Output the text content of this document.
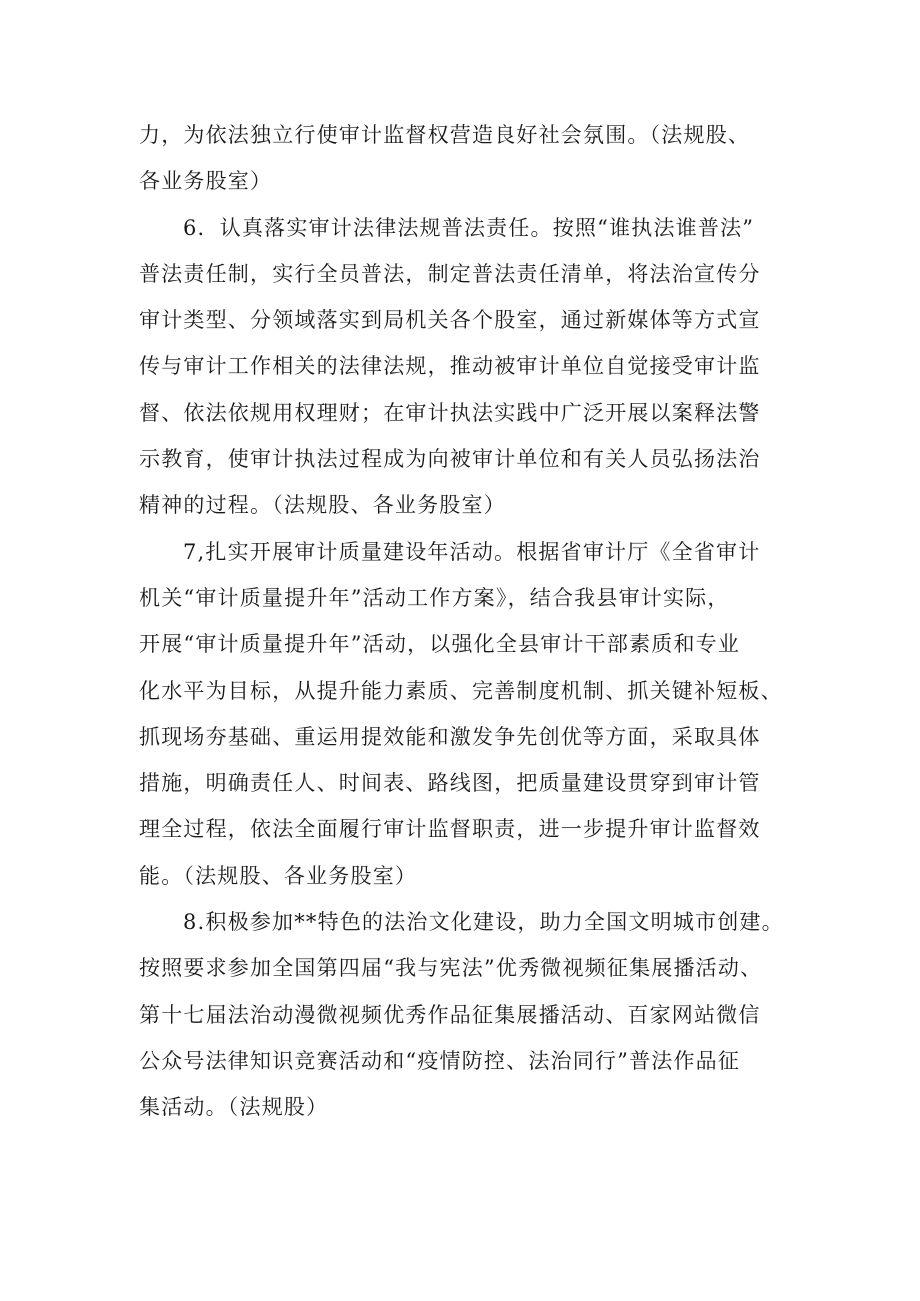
力，为依法独立行使审计监督权营造良好社会氛围。（法规股、
各业务股室）
6．认真落实审计法律法规普法责任。按照“谁执法谁普法”
普法责任制，实行全员普法，制定普法责任清单，将法治宣传分
审计类型、分领域落实到局机关各个股室，通过新媒体等方式宣
传与审计工作相关的法律法规，推动被审计单位自觉接受审计监
督、依法依规用权理财；在审计执法实践中广泛开展以案释法警
示教育，使审计执法过程成为向被审计单位和有关人员弘扬法治
精神的过程。（法规股、各业务股室）
7,扎实开展审计质量建设年活动。根据省审计厅《全省审计
机关“审计质量提升年”活动工作方案》，结合我县审计实际，
开展“审计质量提升年”活动，以强化全县审计干部素质和专业
化水平为目标，从提升能力素质、完善制度机制、抓关键补短板、
抓现场夯基础、重运用提效能和激发争先创优等方面，采取具体
措施，明确责任人、时间表、路线图，把质量建设贯穿到审计管
理全过程，依法全面履行审计监督职责，进一步提升审计监督效
能。（法规股、各业务股室）
8.积极参加**特色的法治文化建设，助力全国文明城市创建。
按照要求参加全国第四届“我与宪法”优秀微视频征集展播活动、
第十七届法治动漫微视频优秀作品征集展播活动、百家网站微信
公众号法律知识竞赛活动和“疫情防控、法治同行”普法作品征
集活动。（法规股）
